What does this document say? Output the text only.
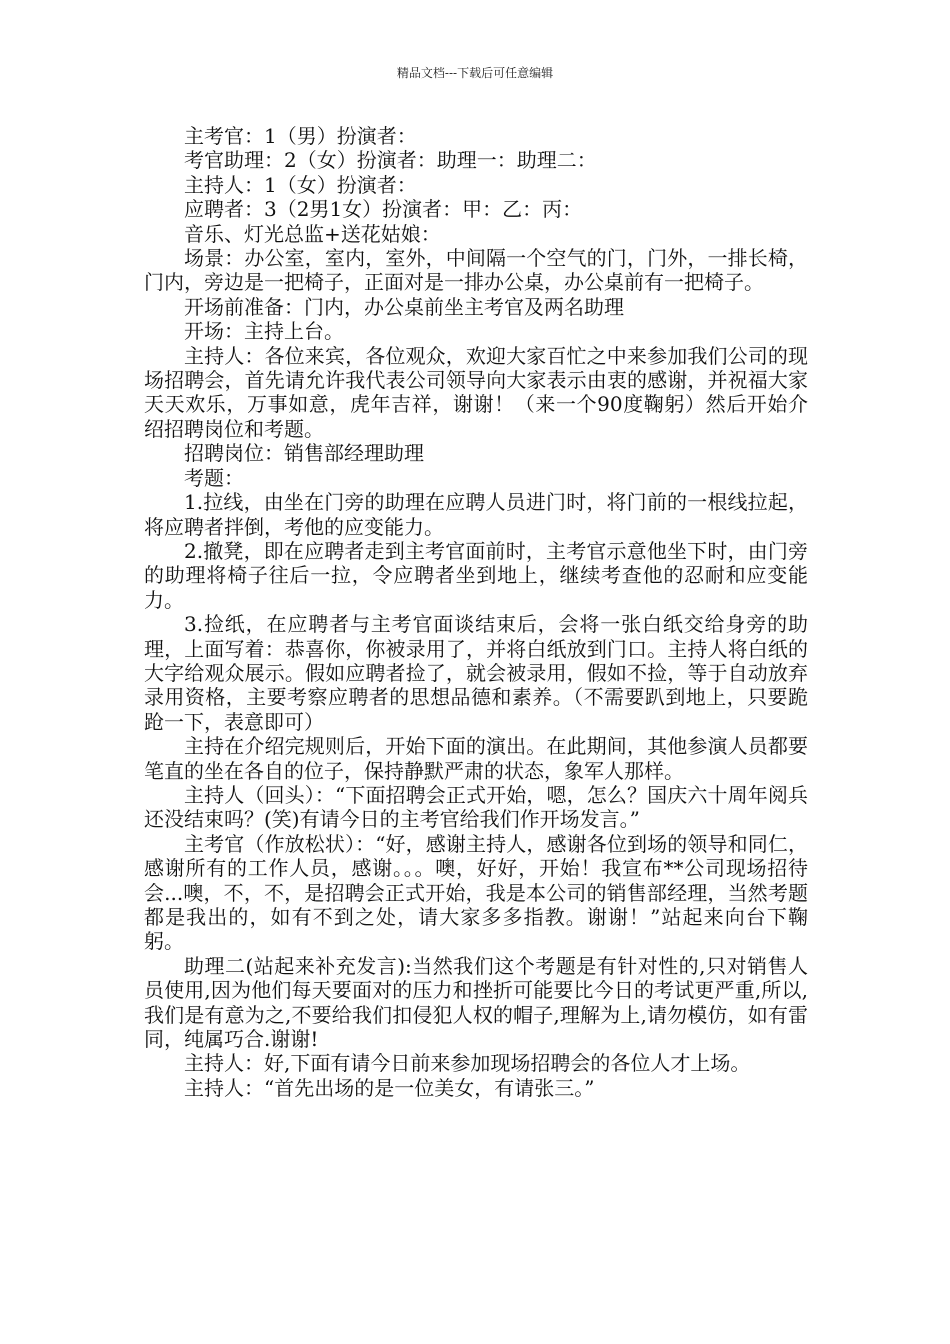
精品文档---下载后可任意编辑

主考官：1（男）扮演者：

考官助理：2（女）扮演者：助理一：助理二：

主持人：1（女）扮演者：

应聘者：3（2男1女）扮演者：甲：乙：丙：

音乐、灯光总监+送花姑娘：

场景：办公室，室内，室外，中间隔一个空气的门，门外，一排长椅，门内，旁边是一把椅子，正面对是一排办公桌，办公桌前有一把椅子。

开场前准备：门内，办公桌前坐主考官及两名助理

开场：主持上台。

主持人：各位来宾，各位观众，欢迎大家百忙之中来参加我们公司的现场招聘会，首先请允许我代表公司领导向大家表示由衷的感谢，并祝福大家天天欢乐，万事如意，虎年吉祥，谢谢！（来一个90度鞠躬）然后开始介绍招聘岗位和考题。

招聘岗位：销售部经理助理

考题：

1.拉线，由坐在门旁的助理在应聘人员进门时，将门前的一根线拉起，将应聘者拌倒，考他的应变能力。

2.撤凳，即在应聘者走到主考官面前时，主考官示意他坐下时，由门旁的助理将椅子往后一拉，令应聘者坐到地上，继续考查他的忍耐和应变能力。

3.捡纸，在应聘者与主考官面谈结束后，会将一张白纸交给身旁的助理，上面写着：恭喜你，你被录用了，并将白纸放到门口。主持人将白纸的大字给观众展示。假如应聘者捡了，就会被录用，假如不捡，等于自动放弃录用资格，主要考察应聘者的思想品德和素养。（不需要趴到地上，只要跪跄一下，表意即可）

主持在介绍完规则后，开始下面的演出。在此期间，其他参演人员都要笔直的坐在各自的位子，保持静默严肃的状态，象军人那样。

主持人（回头）：“下面招聘会正式开始，嗯，怎么？国庆六十周年阅兵还没结束吗？(笑)有请今日的主考官给我们作开场发言。”

主考官（作放松状）：“好，感谢主持人，感谢各位到场的领导和同仁，感谢所有的工作人员，感谢。。。噢，好好，开始！我宣布**公司现场招待会...噢，不，不，是招聘会正式开始，我是本公司的销售部经理，当然考题都是我出的，如有不到之处，请大家多多指教。谢谢！”站起来向台下鞠躬。

助理二(站起来补充发言):当然我们这个考题是有针对性的,只对销售人员使用,因为他们每天要面对的压力和挫折可能要比今日的考试更严重,所以,我们是有意为之,不要给我们扣侵犯人权的帽子,理解为上,请勿模仿，如有雷同，纯属巧合.谢谢!

主持人：好,下面有请今日前来参加现场招聘会的各位人才上场。

主持人：“首先出场的是一位美女，有请张三。”
